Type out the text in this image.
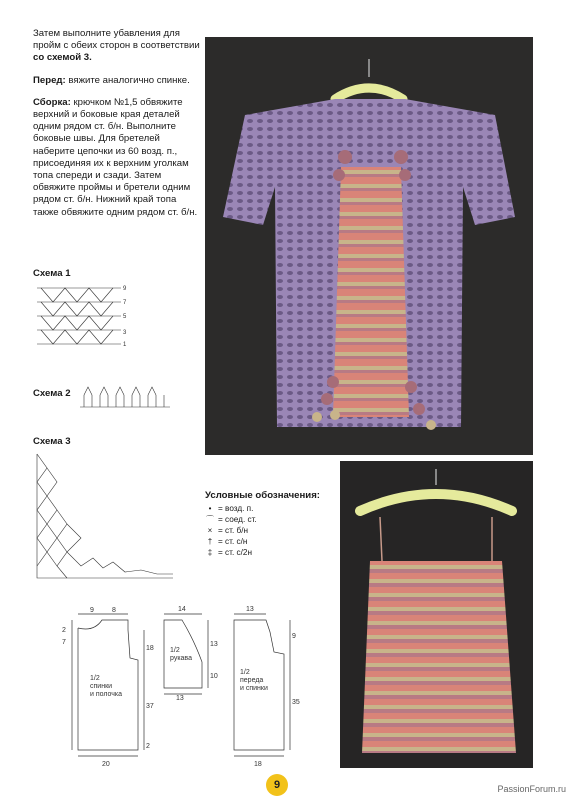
Затем выполните убавления для пройм с обеих сторон в соответствии со схемой 3.

Перед: вяжите аналогично спинке.

Сборка: крючком №1,5 обвяжите верхний и боковые края деталей одним рядом ст. б/н. Выполните боковые швы. Для бретелей наберите цепочки из 60 возд. п., присоединяя их к верхним уголкам топа спереди и сзади. Затем обвяжите проймы и бретели одним рядом ст. б/н. Нижний край топа также обвяжите одним рядом ст. б/н.

Схема 1
9
7
5
3
1
Схема 2
Схема 3
Условные обозначения:
• = возд. п.
⌒ = соед. ст.
× = ст. б/н
† = ст. с/н
‡ = ст. с/2н
9	8
2
7
18
37
2
20
1/2
спинки
и полочка
14
13
10
13
1/2
рукава
13
9
35
18
1/2
переда
и спинки
9	PassionForum.ru
